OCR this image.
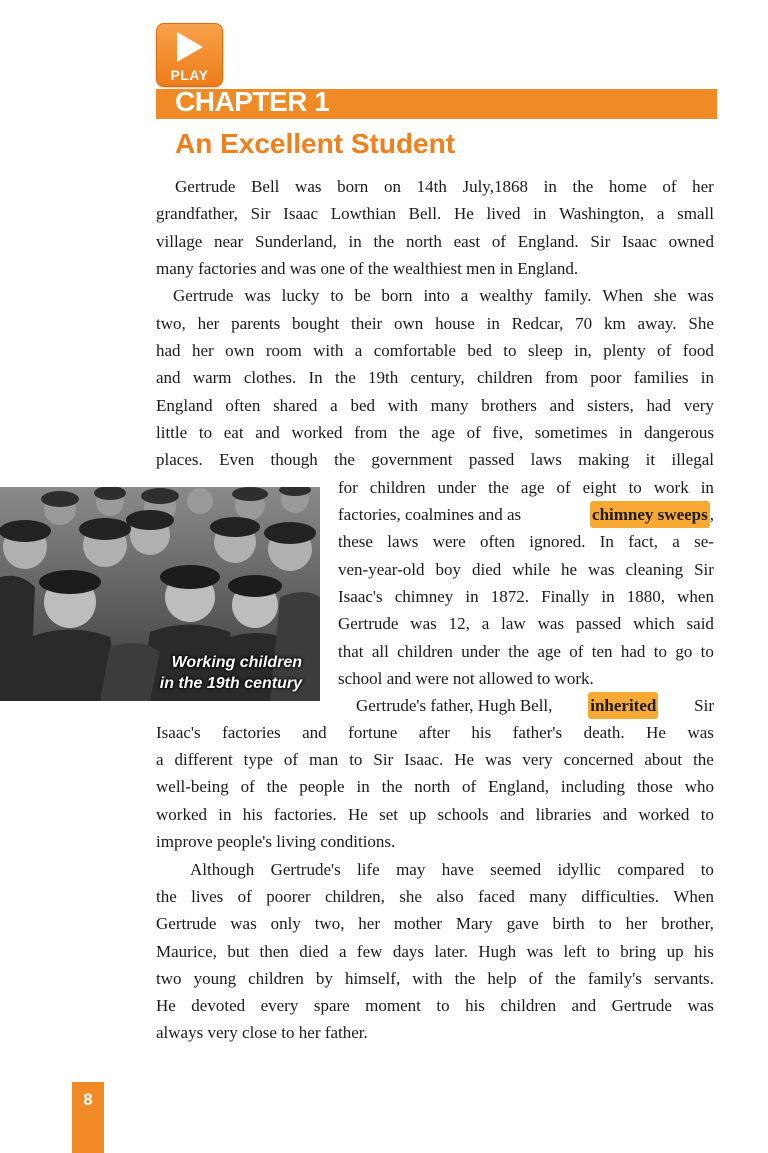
PLAY
CHAPTER 1
An Excellent Student
Gertrude Bell was born on 14th July,1868 in the home of her
grandfather, Sir Isaac Lowthian Bell. He lived in Washington, a small
village near Sunderland, in the north east of England. Sir Isaac owned
many factories and was one of the wealthiest men in England.
Gertrude was lucky to be born into a wealthy family. When she was
two, her parents bought their own house in Redcar, 70 km away. She
had her own room with a comfortable bed to sleep in, plenty of food
and warm clothes. In the 19th century, children from poor families in
England often shared a bed with many brothers and sisters, had very
little to eat and worked from the age of five, sometimes in dangerous
places. Even though the government passed laws making it illegal
for children under the age of eight to work in
factories, coalmines and as	chimney sweeps ,
these laws were often ignored. In fact, a se-
ven-year-old boy died while he was cleaning Sir
Isaac's chimney in 1872. Finally in 1880, when
Gertrude was 12, a law was passed which said
that all children under the age of ten had to go to
school and were not allowed to work.
Gertrude's father, Hugh Bell, inherited Sir
Isaac's factories and fortune after his father's death. He was
a different type of man to Sir Isaac. He was very concerned about the
well-being of the people in the north of England, including those who
worked in his factories. He set up schools and libraries and worked to
improve people's living conditions.
Although Gertrude's life may have seemed idyllic compared to
the lives of poorer children, she also faced many difficulties. When
Gertrude was only two, her mother Mary gave birth to her brother,
Maurice, but then died a few days later. Hugh was left to bring up his
two young children by himself, with the help of the family's servants.
He devoted every spare moment to his children and Gertrude was
always very close to her father.
Working children
in the 19th century
8
